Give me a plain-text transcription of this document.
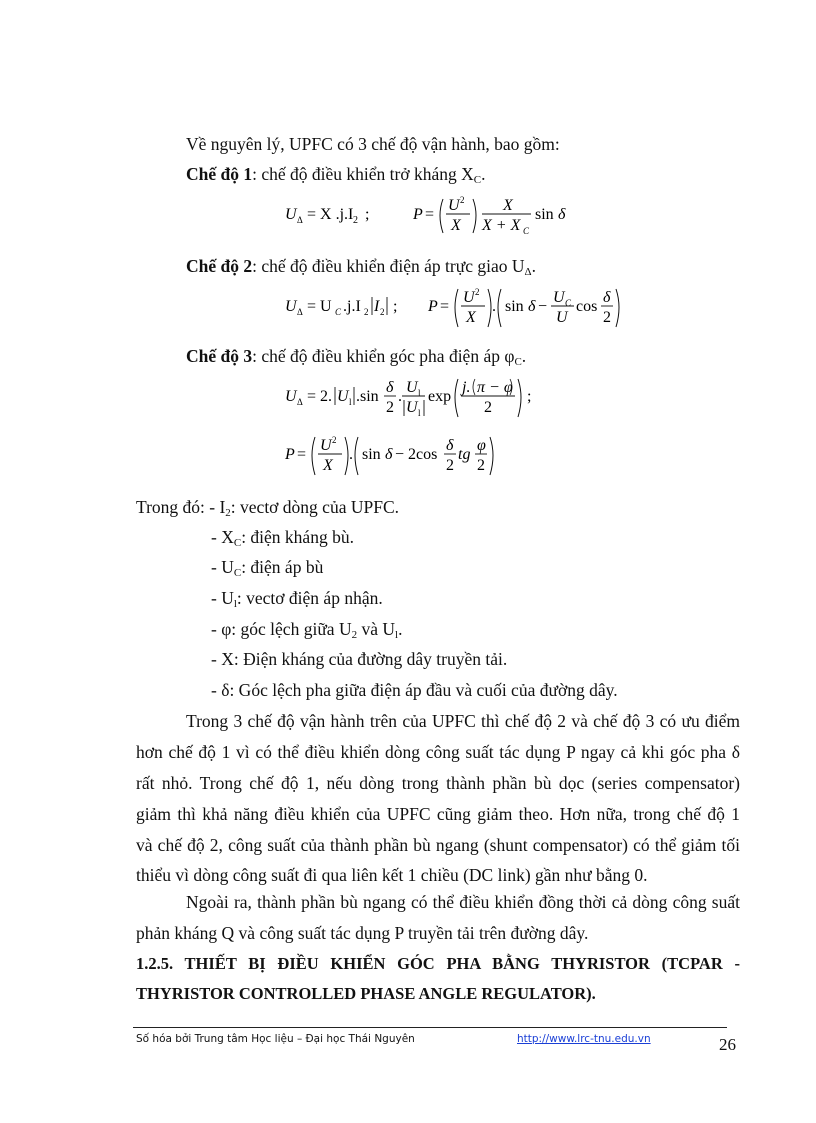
Về nguyên lý, UPFC có 3 chế độ vận hành, bao gồm:
Chế độ 1: chế độ điều khiển trở kháng $X_C$.
U Δ = X .j.I 2 ;	P =
U 2
X
X
X + X C
sin δ
Chế độ 2: chế độ điều khiển điện áp trực giao $U_\Delta$.
U Δ = U C .j.I 2 I 2 ; P =
U 2
X
. sin δ −
U C
U
cos
δ
2
Chế độ 3: chế độ điều khiển góc pha điện áp $\varphi_C$.
U Δ = 2. U l .sin
δ
2
.
U l
U l
exp
j. π − φ
2
;
P =
U 2
X
. sin δ − 2cos
δ
2
tg
φ
2
Trong đó: - $I_2$: vectơ dòng của UPFC.
- $X_C$: điện kháng bù.
- $U_C$: điện áp bù
- $U_l$: vectơ điện áp nhận.
- φ: góc lệch giữa $U_2$ và $U_l$.
- X: Điện kháng của đường dây truyền tải.
- δ: Góc lệch pha giữa điện áp đầu và cuối của đường dây.
Trong 3 chế độ vận hành trên của UPFC thì chế độ 2 và chế độ 3 có ưu điểm
hơn chế độ 1 vì có thể điều khiển dòng công suất tác dụng P ngay cả khi góc pha δ
rất nhỏ. Trong chế độ 1, nếu dòng trong thành phần bù dọc (series compensator)
giảm thì khả năng điều khiển của UPFC cũng giảm theo. Hơn nữa, trong chế độ 1
và chế độ 2, công suất của thành phần bù ngang (shunt compensator) có thể giảm tối
thiểu vì dòng công suất đi qua liên kết 1 chiều (DC link) gần như bằng 0.
Ngoài ra, thành phần bù ngang có thể điều khiển đồng thời cả dòng công suất
phản kháng Q và công suất tác dụng P truyền tải trên đường dây.
1.2.5. THIẾT BỊ ĐIỀU KHIỂN GÓC PHA BẰNG THYRISTOR (TCPAR -
THYRISTOR CONTROLLED PHASE ANGLE REGULATOR).
Số hóa bởi Trung tâm Học liệu – Đại học Thái Nguyên	http://www.lrc-tnu.edu.vn	26
